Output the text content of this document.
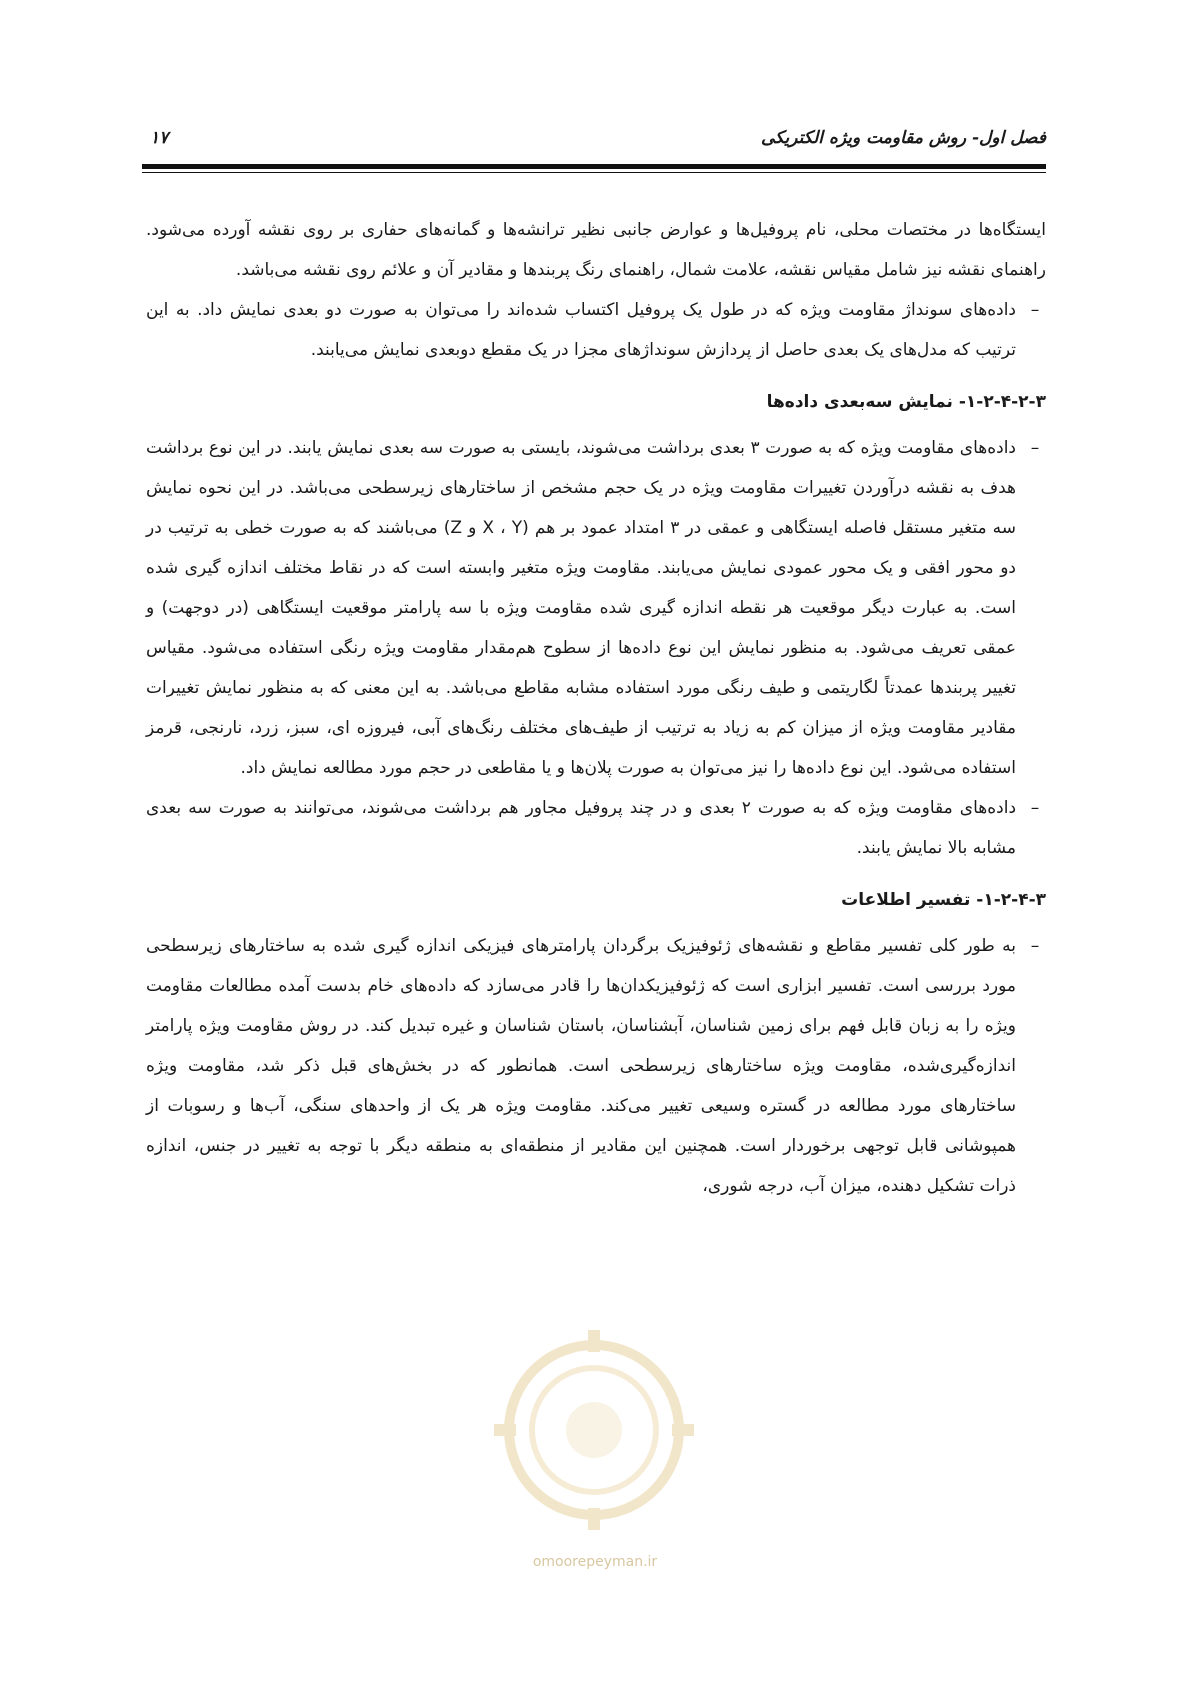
فصل اول- روش مقاومت ویژه الکتریکی
۱۷

ایستگاه‌ها در مختصات محلی، نام پروفیل‌ها و عوارض جانبی نظیر ترانشه‌ها و گمانه‌های حفاری بر روی نقشه آورده می‌شود. راهنمای نقشه نیز شامل مقیاس نقشه، علامت شمال، راهنمای رنگ پربندها و مقادیر آن و علائم روی نقشه می‌باشد.

–
داده‌های سونداژ مقاومت ویژه که در طول یک پروفیل اکتساب شده‌اند را می‌توان به صورت دو بعدی نمایش داد. به این ترتیب که مدل‌های یک بعدی حاصل از پردازش سونداژهای مجزا در یک مقطع دوبعدی نمایش می‌یابند.

۱-۲-۴-۲-۳- نمایش سه‌بعدی داده‌ها

–
داده‌های مقاومت ویژه که به صورت ۳ بعدی برداشت می‌شوند، بایستی به صورت سه بعدی نمایش یابند. در این نوع برداشت هدف به نقشه درآوردن تغییرات مقاومت ویژه در یک حجم مشخص از ساختارهای زیرسطحی می‌باشد. در این نحوه نمایش سه متغیر مستقل فاصله ایستگاهی و عمقی در ۳ امتداد عمود بر هم (X ، Y و Z) می‌باشند که به صورت خطی به ترتیب در دو محور افقی و یک محور عمودی نمایش می‌یابند. مقاومت ویژه متغیر وابسته است که در نقاط مختلف اندازه گیری شده است. به عبارت دیگر موقعیت هر نقطه اندازه گیری شده مقاومت ویژه با سه پارامتر موقعیت ایستگاهی (در دوجهت) و عمقی تعریف می‌شود. به منظور نمایش این نوع داده‌ها از سطوح هم‌مقدار مقاومت ویژه رنگی استفاده می‌شود. مقیاس تغییر پربندها عمدتاً لگاریتمی و طیف رنگی مورد استفاده مشابه مقاطع می‌باشد. به این معنی که به منظور نمایش تغییرات مقادیر مقاومت ویژه از میزان کم به زیاد به ترتیب از طیف‌های مختلف رنگ‌های آبی، فیروزه ای، سبز، زرد، نارنجی، قرمز استفاده می‌شود. این نوع داده‌ها را نیز می‌توان به صورت پلان‌ها و یا مقاطعی در حجم مورد مطالعه نمایش داد.

–
داده‌های مقاومت ویژه که به صورت ۲ بعدی و در چند پروفیل مجاور هم برداشت می‌شوند، می‌توانند به صورت سه بعدی مشابه بالا نمایش یابند.

۱-۲-۴-۳- تفسیر اطلاعات

–
به طور کلی تفسیر مقاطع و نقشه‌های ژئوفیزیک برگردان پارامترهای فیزیکی اندازه گیری شده به ساختارهای زیرسطحی مورد بررسی است. تفسیر ابزاری است که ژئوفیزیکدان‌ها را قادر می‌سازد که داده‌های خام بدست آمده مطالعات مقاومت ویژه را به زبان قابل فهم برای زمین شناسان، آبشناسان، باستان شناسان و غیره تبدیل کند. در روش مقاومت ویژه پارامتر اندازه‌گیری‌شده، مقاومت ویژه ساختارهای زیرسطحی است. همانطور که در بخش‌های قبل ذکر شد، مقاومت ویژه ساختارهای مورد مطالعه در گستره وسیعی تغییر می‌کند. مقاومت ویژه هر یک از واحدهای سنگی، آب‌ها و رسوبات از همپوشانی قابل توجهی برخوردار است. همچنین این مقادیر از منطقه‌ای به منطقه دیگر با توجه به تغییر در جنس، اندازه ذرات تشکیل دهنده، میزان آب، درجه شوری،

omoorepeyman.ir
